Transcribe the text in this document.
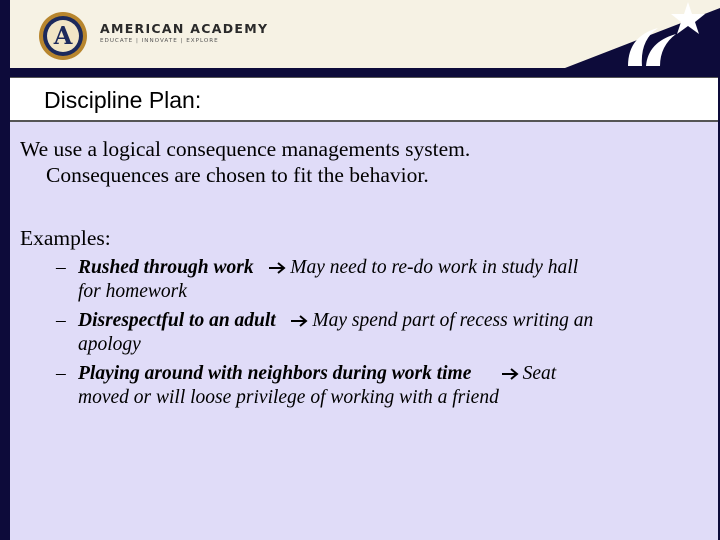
A AMERICAN ACADEMY
EDUCATE | INNOVATE | EXPLORE
Discipline Plan:
We use a logical consequence managements system.
Consequences are chosen to fit the behavior.
Examples:
– Rushed through work May need to re-do work in study hall
for homework
– Disrespectful to an adult May spend part of recess writing an
apology
– Playing around with neighbors during work time	Seat
moved or will loose privilege of working with a friend
